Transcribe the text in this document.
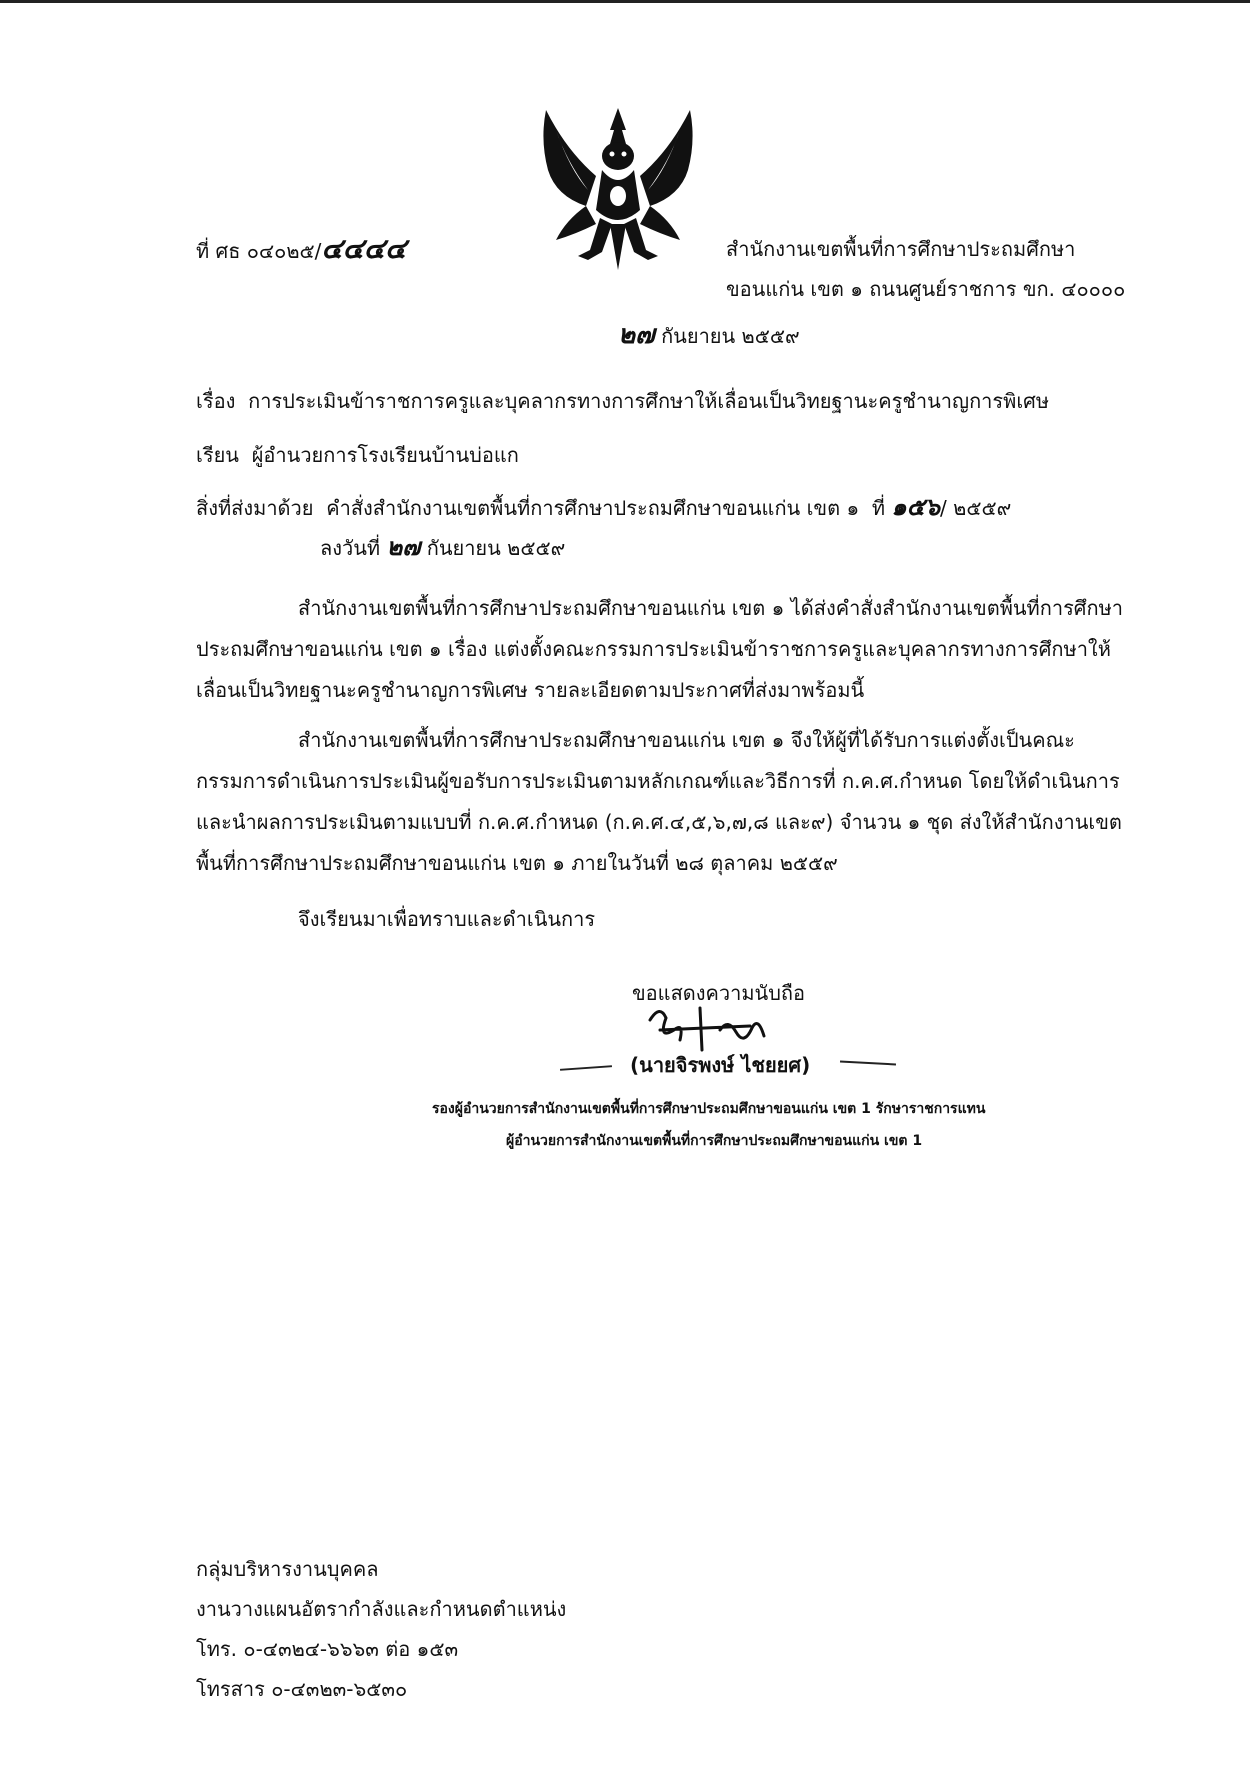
ที่ ศธ ๐๔๐๒๕/๔๔๔๔	สำนักงานเขตพื้นที่การศึกษาประถมศึกษา
ขอนแก่น เขต ๑ ถนนศูนย์ราชการ ขก. ๔๐๐๐๐
๒๗ กันยายน ๒๕๕๙
เรื่อง การประเมินข้าราชการครูและบุคลากรทางการศึกษาให้เลื่อนเป็นวิทยฐานะครูชำนาญการพิเศษ
เรียน ผู้อำนวยการโรงเรียนบ้านบ่อแก
สิ่งที่ส่งมาด้วย คำสั่งสำนักงานเขตพื้นที่การศึกษาประถมศึกษาขอนแก่น เขต ๑ ที่ ๑๕๖/ ๒๕๕๙
ลงวันที่ ๒๗ กันยายน ๒๕๕๙
สำนักงานเขตพื้นที่การศึกษาประถมศึกษาขอนแก่น เขต ๑ ได้ส่งคำสั่งสำนักงานเขตพื้นที่การศึกษาประถมศึกษาขอนแก่น เขต ๑ เรื่อง แต่งตั้งคณะกรรมการประเมินข้าราชการครูและบุคลากรทางการศึกษาให้เลื่อนเป็นวิทยฐานะครูชำนาญการพิเศษ รายละเอียดตามประกาศที่ส่งมาพร้อมนี้
สำนักงานเขตพื้นที่การศึกษาประถมศึกษาขอนแก่น เขต ๑ จึงให้ผู้ที่ได้รับการแต่งตั้งเป็นคณะกรรมการดำเนินการประเมินผู้ขอรับการประเมินตามหลักเกณฑ์และวิธีการที่ ก.ค.ศ.กำหนด โดยให้ดำเนินการและนำผลการประเมินตามแบบที่ ก.ค.ศ.กำหนด (ก.ค.ศ.๔,๕,๖,๗,๘ และ๙) จำนวน ๑ ชุด ส่งให้สำนักงานเขตพื้นที่การศึกษาประถมศึกษาขอนแก่น เขต ๑ ภายในวันที่ ๒๘ ตุลาคม ๒๕๕๙
จึงเรียนมาเพื่อทราบและดำเนินการ
ขอแสดงความนับถือ
(นายจิรพงษ์ ไชยยศ)
รองผู้อำนวยการสำนักงานเขตพื้นที่การศึกษาประถมศึกษาขอนแก่น เขต 1 รักษาราชการแทน
ผู้อำนวยการสำนักงานเขตพื้นที่การศึกษาประถมศึกษาขอนแก่น เขต 1
กลุ่มบริหารงานบุคคล
งานวางแผนอัตรากำลังและกำหนดตำแหน่ง
โทร. ๐-๔๓๒๔-๖๖๖๓ ต่อ ๑๕๓
โทรสาร ๐-๔๓๒๓-๖๕๓๐
